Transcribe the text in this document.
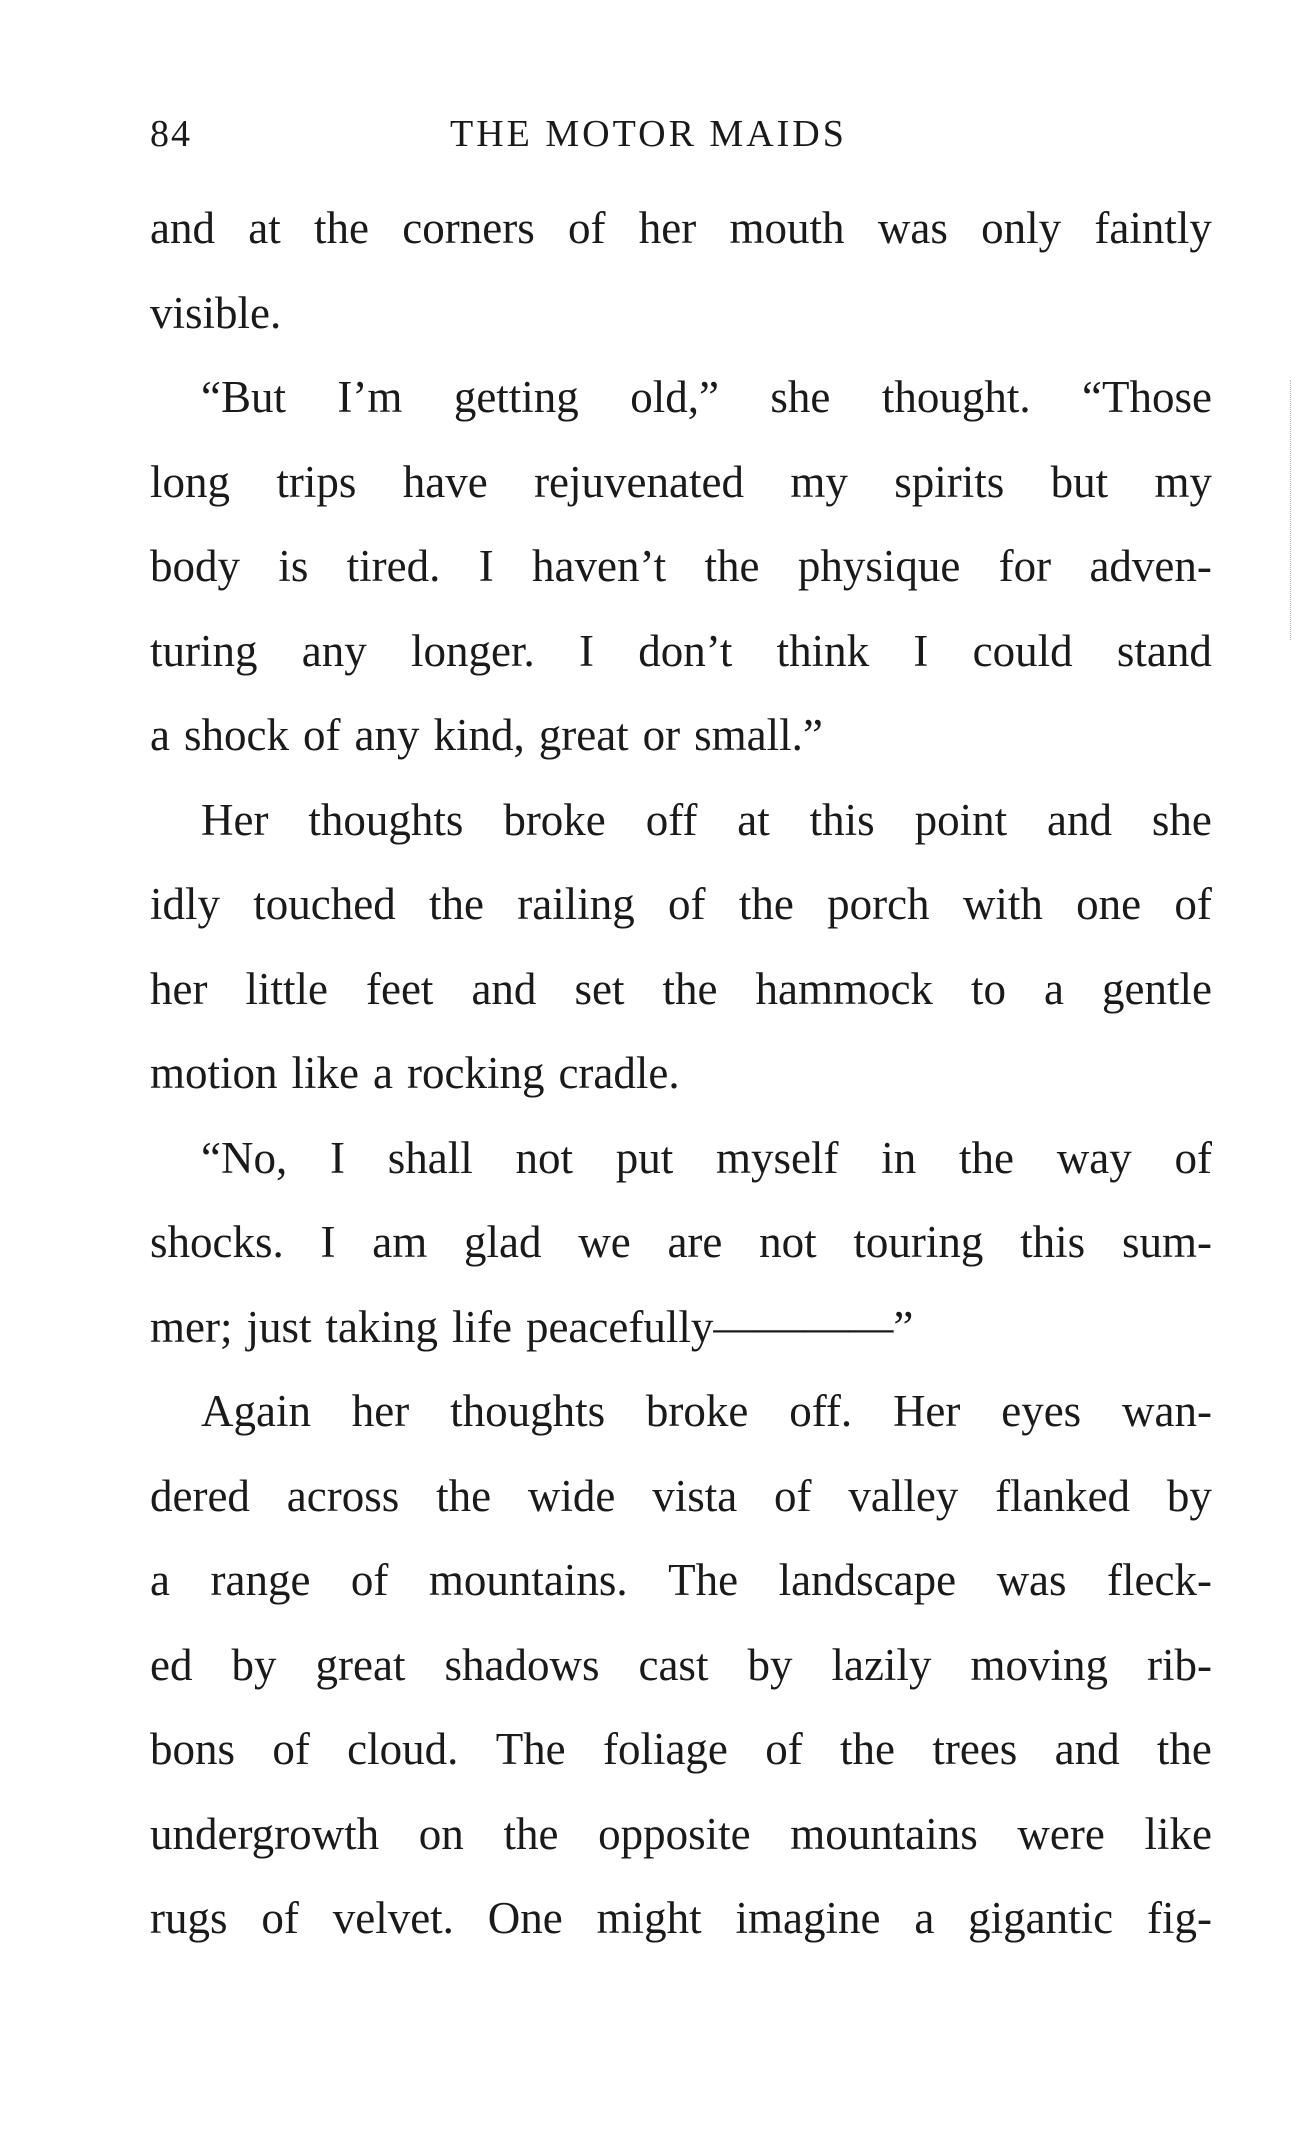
84	THE MOTOR MAIDS
and at the corners of her mouth was only faintly
visible.
“But I’m getting old,” she thought. “Those
long trips have rejuvenated my spirits but my
body is tired. I haven’t the physique for adven-
turing any longer. I don’t think I could stand
a shock of any kind, great or small.”
Her thoughts broke off at this point and she
idly touched the railing of the porch with one of
her little feet and set the hammock to a gentle
motion like a rocking cradle.
“No, I shall not put myself in the way of
shocks. I am glad we are not touring this sum-
mer; just taking life peacefully————”
Again her thoughts broke off. Her eyes wan-
dered across the wide vista of valley flanked by
a range of mountains. The landscape was fleck-
ed by great shadows cast by lazily moving rib-
bons of cloud. The foliage of the trees and the
undergrowth on the opposite mountains were like
rugs of velvet. One might imagine a gigantic fig-
